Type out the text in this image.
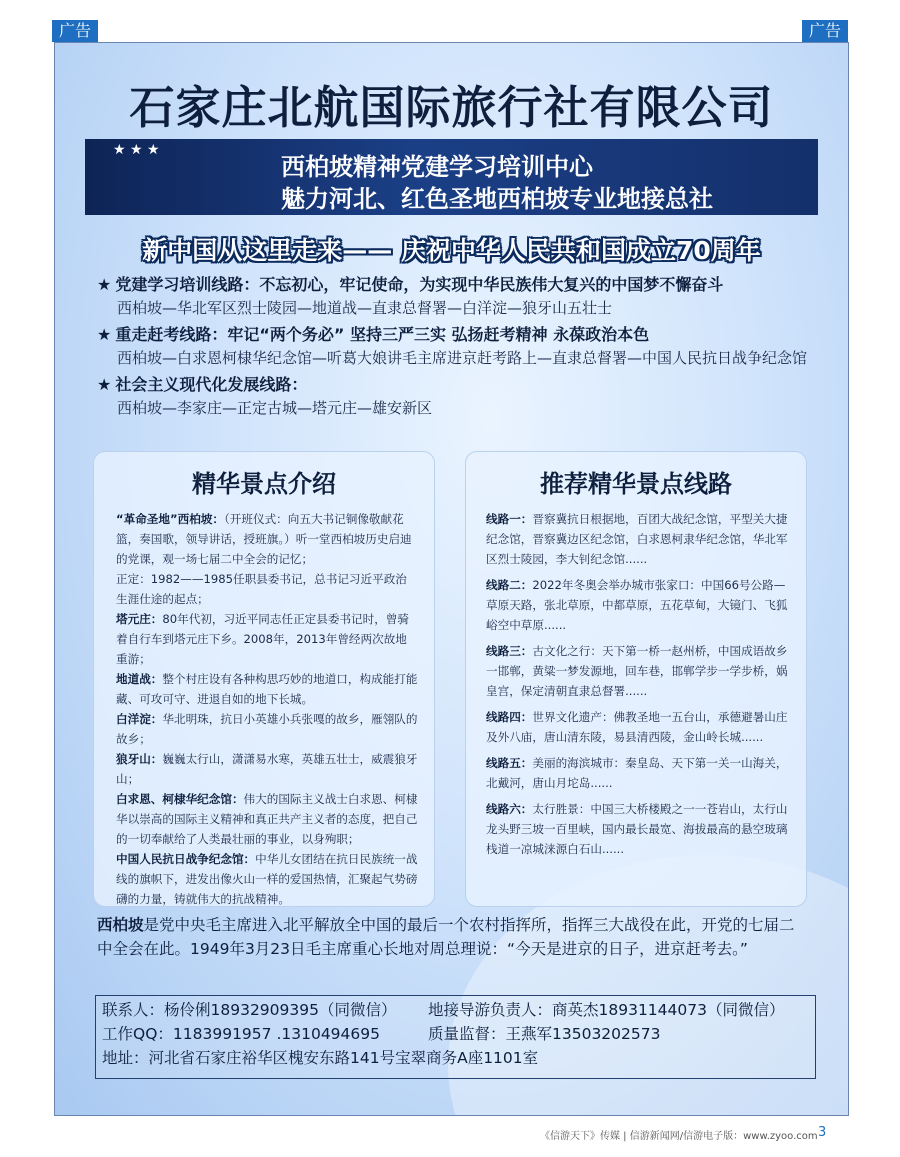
广告	广告
石家庄北航国际旅行社有限公司
★ ★ ★
西柏坡精神党建学习培训中心
魅力河北、红色圣地西柏坡专业地接总社
新中国从这里走来—— 庆祝中华人民共和国成立70周年
★ 党建学习培训线路：不忘初心，牢记使命，为实现中华民族伟大复兴的中国梦不懈奋斗
西柏坡—华北军区烈士陵园—地道战—直隶总督署—白洋淀—狼牙山五壮士
★ 重走赶考线路：牢记“两个务必” 坚持三严三实 弘扬赶考精神 永葆政治本色
西柏坡—白求恩柯棣华纪念馆—听葛大娘讲毛主席进京赶考路上—直隶总督署—中国人民抗日战争纪念馆
★ 社会主义现代化发展线路：
西柏坡—李家庄—正定古城—塔元庄—雄安新区
精华景点介绍
“革命圣地”西柏坡：（开班仪式：向五大书记铜像敬献花篮，奏国歌，领导讲话，授班旗。）听一堂西柏坡历史启迪的党课，观一场七届二中全会的记忆；
正定：1982——1985任职县委书记，总书记习近平政治生涯仕途的起点；
塔元庄：80年代初，习近平同志任正定县委书记时，曾骑着自行车到塔元庄下乡。2008年，2013年曾经两次故地重游；
地道战：整个村庄设有各种构思巧妙的地道口，构成能打能藏、可攻可守、进退自如的地下长城。
白洋淀：华北明珠，抗日小英雄小兵张嘎的故乡，雁翎队的故乡；
狼牙山：巍巍太行山，潇潇易水寒，英雄五壮士，威震狼牙山；
白求恩、柯棣华纪念馆：伟大的国际主义战士白求恩、柯棣华以崇高的国际主义精神和真正共产主义者的态度，把自己的一切奉献给了人类最壮丽的事业，以身殉职；
中国人民抗日战争纪念馆：中华儿女团结在抗日民族统一战线的旗帜下，进发出像火山一样的爱国热情，汇聚起气势磅礴的力量，铸就伟大的抗战精神。
推荐精华景点线路
线路一：晋察冀抗日根据地，百团大战纪念馆，平型关大捷纪念馆，晋察冀边区纪念馆，白求恩柯隶华纪念馆，华北军区烈士陵园，李大钊纪念馆......
线路二：2022年冬奥会举办城市张家口：中国66号公路—草原天路，张北草原，中都草原，五花草甸，大镜门、飞狐峪空中草原......
线路三：古文化之行：天下第一桥一赵州桥，中国成语故乡一邯郸，黄粱一梦发源地，回车巷，邯郸学步一学步桥，娲皇宫，保定清朝直隶总督署......
线路四：世界文化遗产：佛教圣地一五台山，承德避暑山庄及外八庙，唐山清东陵，易县清西陵，金山岭长城......
线路五：美丽的海滨城市：秦皇岛、天下第一关一山海关，北戴河，唐山月坨岛......
线路六：太行胜景：中国三大桥楼殿之一一苍岩山，太行山龙头野三坡一百里峡，国内最长最宽、海拔最高的悬空玻璃栈道一凉城涞源白石山......
西柏坡是党中央毛主席进入北平解放全中国的最后一个农村指挥所，指挥三大战役在此，开党的七届二中全会在此。1949年3月23日毛主席重心长地对周总理说：“今天是进京的日子，进京赶考去。”
联系人：杨伶俐18932909395（同微信） 地接导游负责人：商英杰18931144073（同微信）
工作QQ：1183991957 .1310494695	质量监督：王燕军13503202573
地址：河北省石家庄裕华区槐安东路141号宝翠商务A座1101室
《信游天下》传媒 | 信游新闻网/信游电子版：www.zyoo.com 3
